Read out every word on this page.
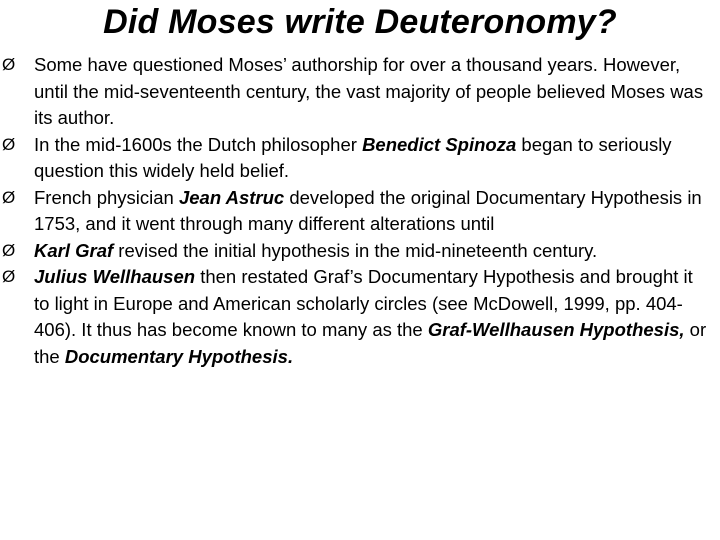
Did Moses write Deuteronomy?
Ø Some have questioned Moses’ authorship for over a thousand years. However, until the mid-seventeenth century, the vast majority of people believed Moses was its author.
Ø In the mid-1600s the Dutch philosopher Benedict Spinoza began to seriously question this widely held belief.
Ø French physician Jean Astruc developed the original Documentary Hypothesis in 1753, and it went through many different alterations until
Ø Karl Graf revised the initial hypothesis in the mid-nineteenth century.
Ø Julius Wellhausen then restated Graf’s Documentary Hypothesis and brought it to light in Europe and American scholarly circles (see McDowell, 1999, pp. 404-406). It thus has become known to many as the Graf-Wellhausen Hypothesis, or the Documentary Hypothesis.
